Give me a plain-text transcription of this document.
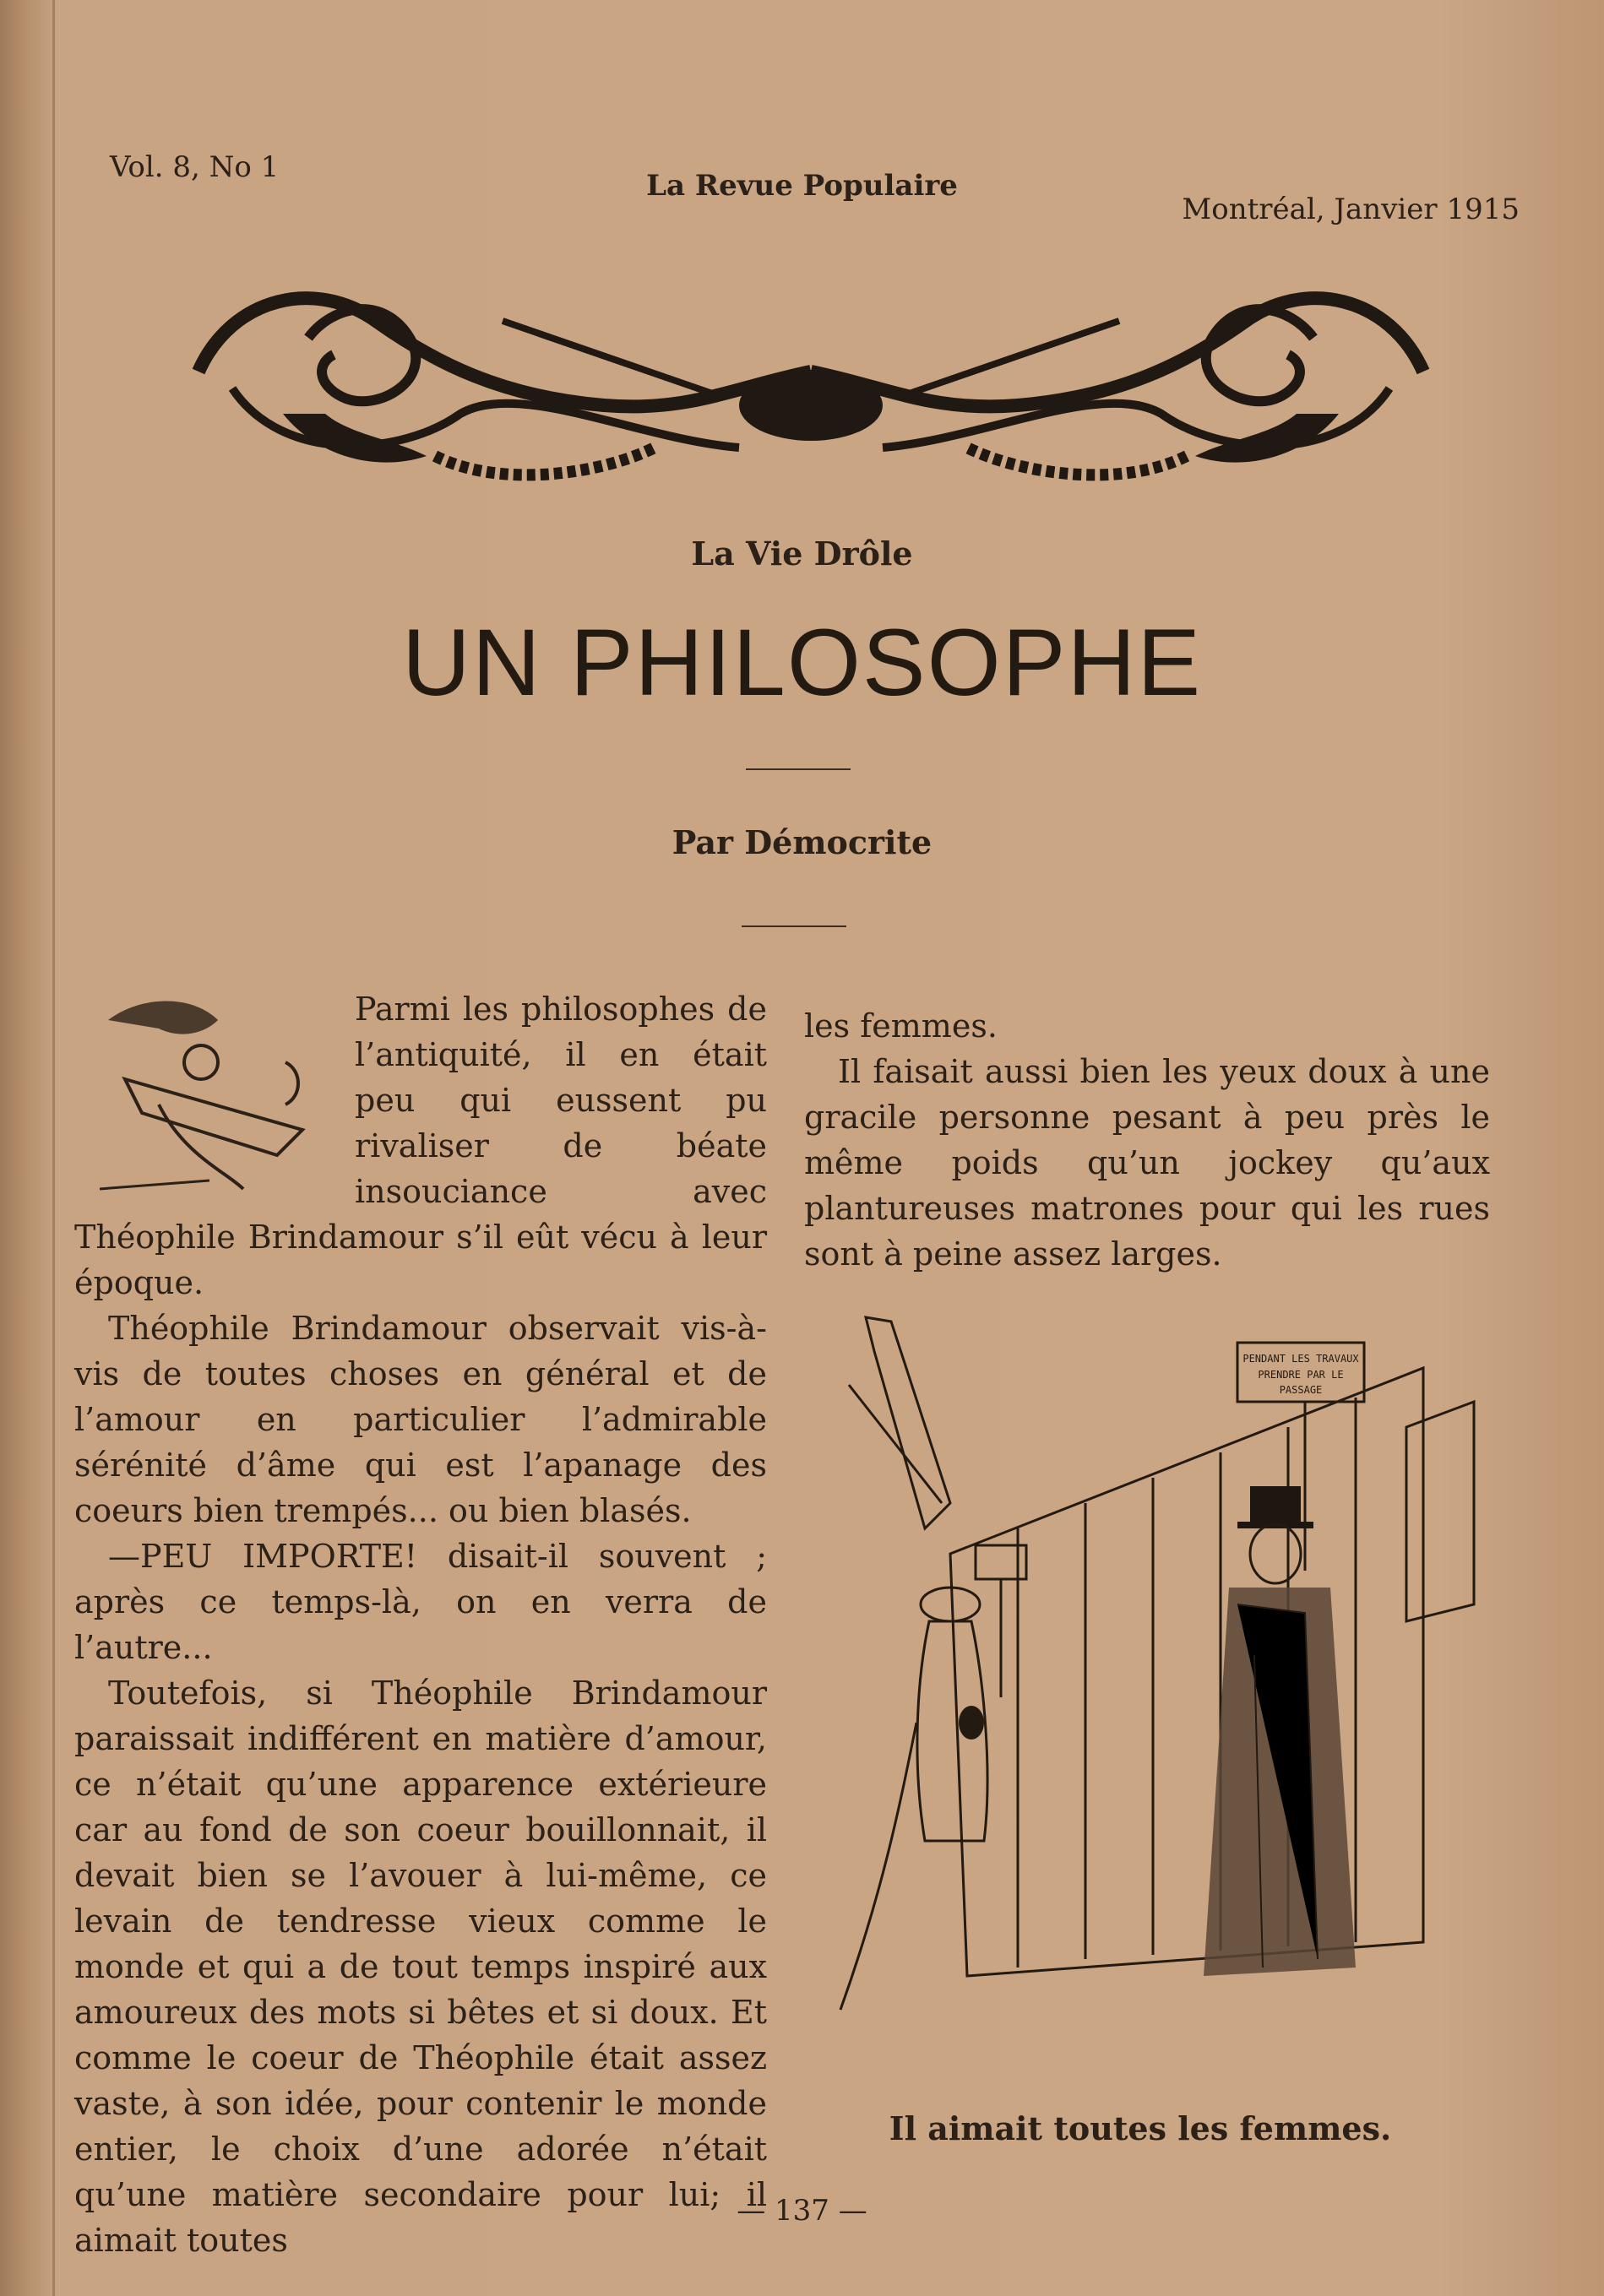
Vol. 8, No 1
La Revue Populaire
Montréal, Janvier 1915
La Vie Drôle
UN PHILOSOPHE
Par Démocrite

Parmi les philosophes de l’antiquité, il en était peu qui eussent pu rivaliser de béate insouciance avec Théophile Brindamour s’il eût vécu à leur époque.

Théophile Brindamour observait vis-à-vis de toutes choses en général et de l’amour en particulier l’admirable sérénité d’âme qui est l’apanage des coeurs bien trempés... ou bien blasés.

—PEU IMPORTE! disait-il souvent ; après ce temps-là, on en verra de l’autre...

Toutefois, si Théophile Brindamour paraissait indifférent en matière d’amour, ce n’était qu’une apparence extérieure car au fond de son coeur bouillonnait, il devait bien se l’avouer à lui-même, ce levain de tendresse vieux comme le monde et qui a de tout temps inspiré aux amoureux des mots si bêtes et si doux. Et comme le coeur de Théophile était assez vaste, à son idée, pour contenir le monde entier, le choix d’une adorée n’était qu’une matière secondaire pour lui; il aimait toutes

les femmes.

Il faisait aussi bien les yeux doux à une gracile personne pesant à peu près le même poids qu’un jockey qu’aux plantureuses matrones pour qui les rues sont à peine assez larges.

PENDANT LES TRAVAUX
PRENDRE PAR LE
PASSAGE
Il aimait toutes les femmes.
— 137 —
